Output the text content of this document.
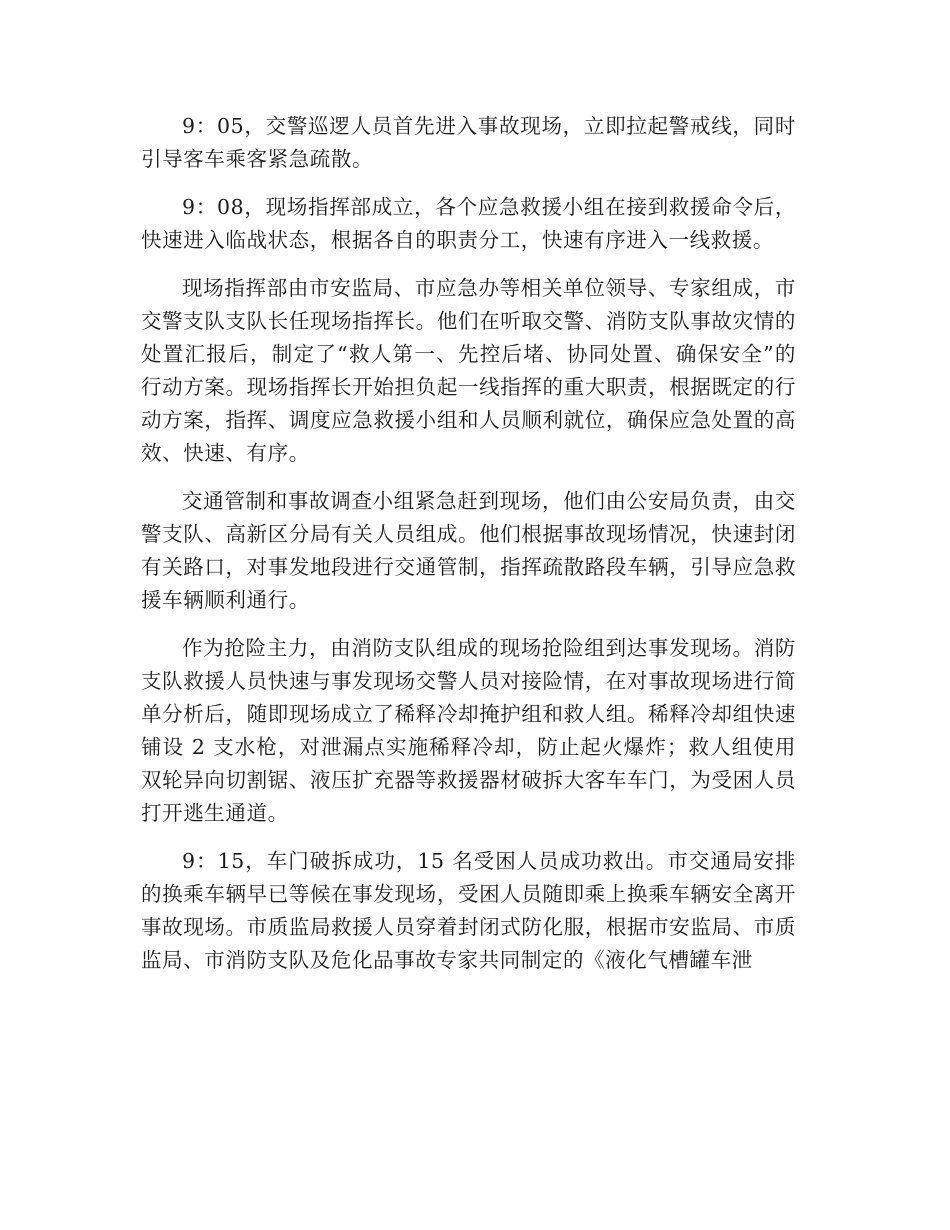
9：05，交警巡逻人员首先进入事故现场，立即拉起警戒线，同时引导客车乘客紧急疏散。

9：08，现场指挥部成立，各个应急救援小组在接到救援命令后，快速进入临战状态，根据各自的职责分工，快速有序进入一线救援。

现场指挥部由市安监局、市应急办等相关单位领导、专家组成，市交警支队支队长任现场指挥长。他们在听取交警、消防支队事故灾情的处置汇报后，制定了“救人第一、先控后堵、协同处置、确保安全”的行动方案。现场指挥长开始担负起一线指挥的重大职责，根据既定的行动方案，指挥、调度应急救援小组和人员顺利就位，确保应急处置的高效、快速、有序。

交通管制和事故调查小组紧急赶到现场，他们由公安局负责，由交警支队、高新区分局有关人员组成。他们根据事故现场情况，快速封闭有关路口，对事发地段进行交通管制，指挥疏散路段车辆，引导应急救援车辆顺利通行。

作为抢险主力，由消防支队组成的现场抢险组到达事发现场。消防支队救援人员快速与事发现场交警人员对接险情，在对事故现场进行简单分析后，随即现场成立了稀释冷却掩护组和救人组。稀释冷却组快速铺设 2 支水枪，对泄漏点实施稀释冷却，防止起火爆炸；救人组使用双轮异向切割锯、液压扩充器等救援器材破拆大客车车门，为受困人员打开逃生通道。

9：15，车门破拆成功，15 名受困人员成功救出。市交通局安排的换乘车辆早已等候在事发现场，受困人员随即乘上换乘车辆安全离开事故现场。市质监局救援人员穿着封闭式防化服，根据市安监局、市质监局、市消防支队及危化品事故专家共同制定的《液化气槽罐车泄
